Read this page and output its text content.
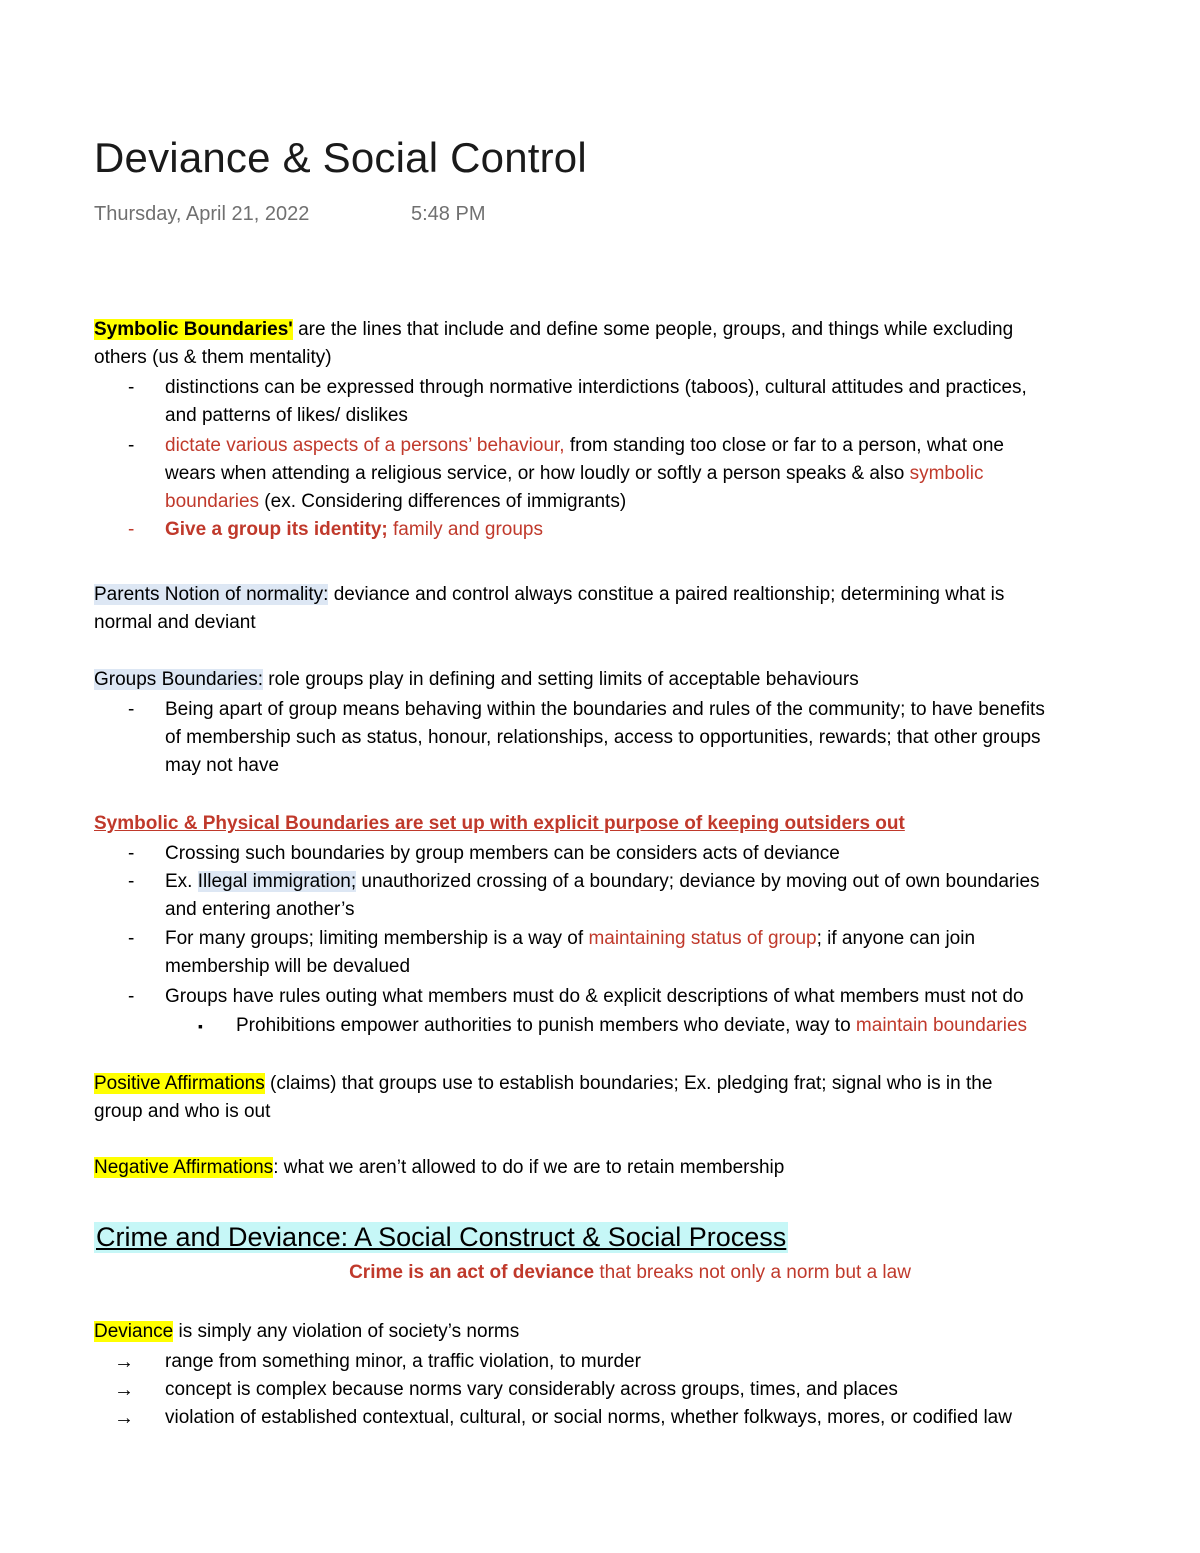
Deviance & Social Control
Thursday, April 21, 2022	5:48 PM

Symbolic Boundaries' are the lines that include and define some people, groups, and things while excluding

others (us & them mentality)

-	distinctions can be expressed through normative interdictions (taboos), cultural attitudes and practices,
and patterns of likes/ dislikes
-	dictate various aspects of a persons’ behaviour, from standing too close or far to a person, what one
wears when attending a religious service, or how loudly or softly a person speaks & also symbolic
boundaries (ex. Considering differences of immigrants)
-	Give a group its identity; family and groups

Parents Notion of normality: deviance and control always constitue a paired realtionship; determining what is

normal and deviant

Groups Boundaries: role groups play in defining and setting limits of acceptable behaviours

-	Being apart of group means behaving within the boundaries and rules of the community; to have benefits
of membership such as status, honour, relationships, access to opportunities, rewards; that other groups
may not have

Symbolic & Physical Boundaries are set up with explicit purpose of keeping outsiders out

-	Crossing such boundaries by group members can be considers acts of deviance
-	Ex. Illegal immigration; unauthorized crossing of a boundary; deviance by moving out of own boundaries
and entering another’s
-	For many groups; limiting membership is a way of maintaining status of group; if anyone can join
membership will be devalued
-	Groups have rules outing what members must do & explicit descriptions of what members must not do
▪	Prohibitions empower authorities to punish members who deviate, way to maintain boundaries

Positive Affirmations (claims) that groups use to establish boundaries; Ex. pledging frat; signal who is in the

group and who is out

Negative Affirmations: what we aren’t allowed to do if we are to retain membership

Crime and Deviance: A Social Construct & Social Process
Crime is an act of deviance that breaks not only a norm but a law

Deviance is simply any violation of society’s norms

→ range from something minor, a traffic violation, to murder
→ concept is complex because norms vary considerably across groups, times, and places
→ violation of established contextual, cultural, or social norms, whether folkways, mores, or codified law
